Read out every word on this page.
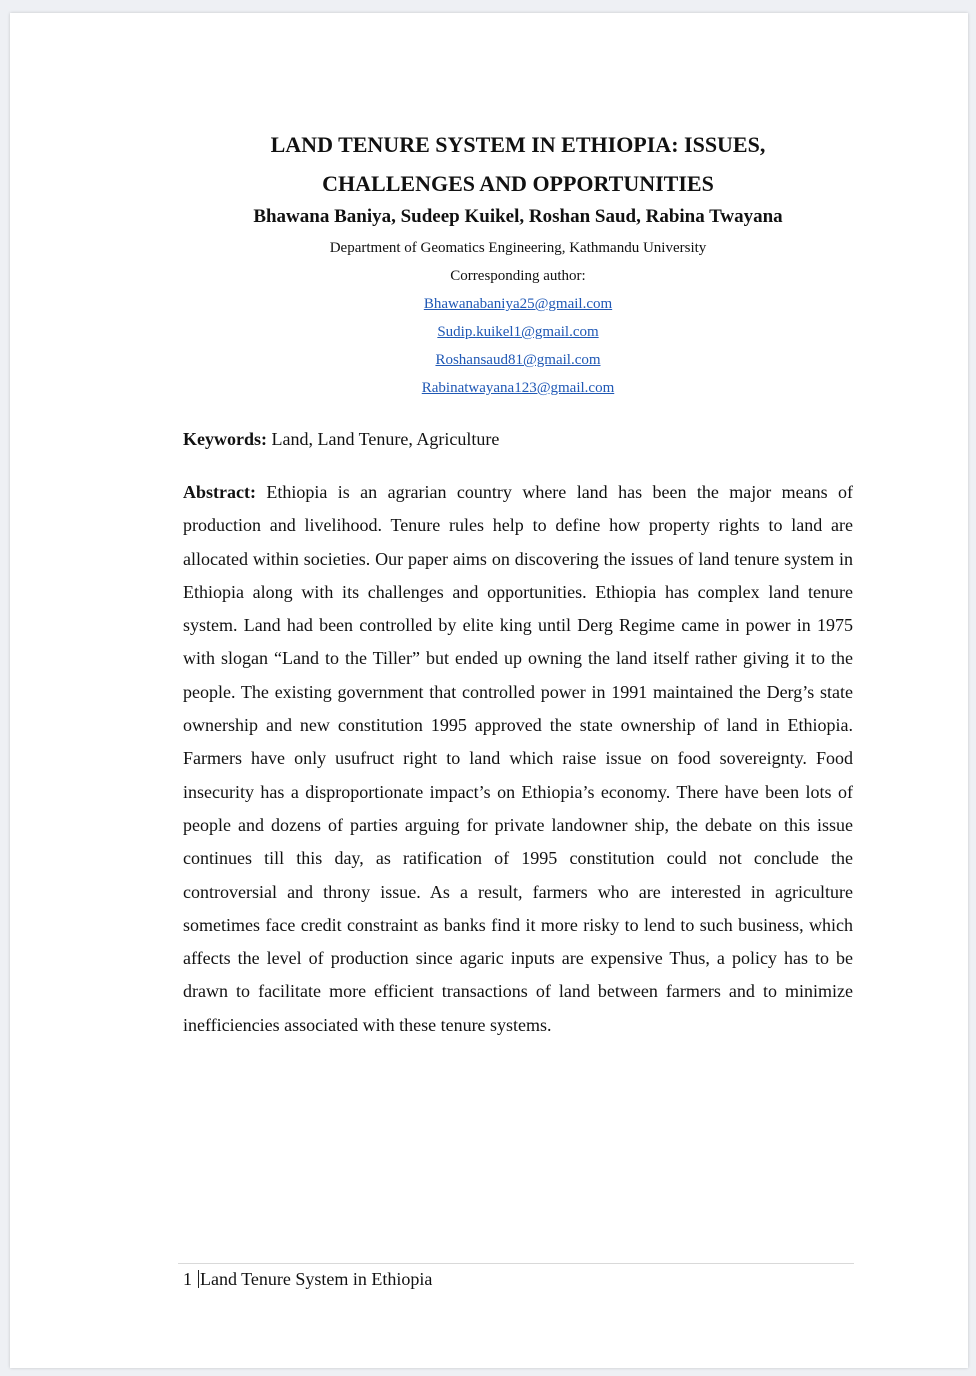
LAND TENURE SYSTEM IN ETHIOPIA: ISSUES,
CHALLENGES AND OPPORTUNITIES

Bhawana Baniya, Sudeep Kuikel, Roshan Saud, Rabina Twayana

Department of Geomatics Engineering, Kathmandu University

Corresponding author:

Bhawanabaniya25@gmail.com
Sudip.kuikel1@gmail.com
Roshansaud81@gmail.com
Rabinatwayana123@gmail.com

Keywords: Land, Land Tenure, Agriculture

Abstract: Ethiopia is an agrarian country where land has been the major means of production and livelihood. Tenure rules help to define how property rights to land are allocated within societies. Our paper aims on discovering the issues of land tenure system in Ethiopia along with its challenges and opportunities. Ethiopia has complex land tenure system. Land had been controlled by elite king until Derg Regime came in power in 1975 with slogan “Land to the Tiller” but ended up owning the land itself rather giving it to the people. The existing government that controlled power in 1991 maintained the Derg’s state ownership and new constitution 1995 approved the state ownership of land in Ethiopia. Farmers have only usufruct right to land which raise issue on food sovereignty. Food insecurity has a disproportionate impact’s on Ethiopia’s economy. There have been lots of people and dozens of parties arguing for private landowner ship, the debate on this issue continues till this day, as ratification of 1995 constitution could not conclude the controversial and throny issue. As a result, farmers who are interested in agriculture sometimes face credit constraint as banks find it more risky to lend to such business, which affects the level of production since agaric inputs are expensive Thus, a policy has to be drawn to facilitate more efficient transactions of land between farmers and to minimize inefficiencies associated with these tenure systems.

1 Land Tenure System in Ethiopia
